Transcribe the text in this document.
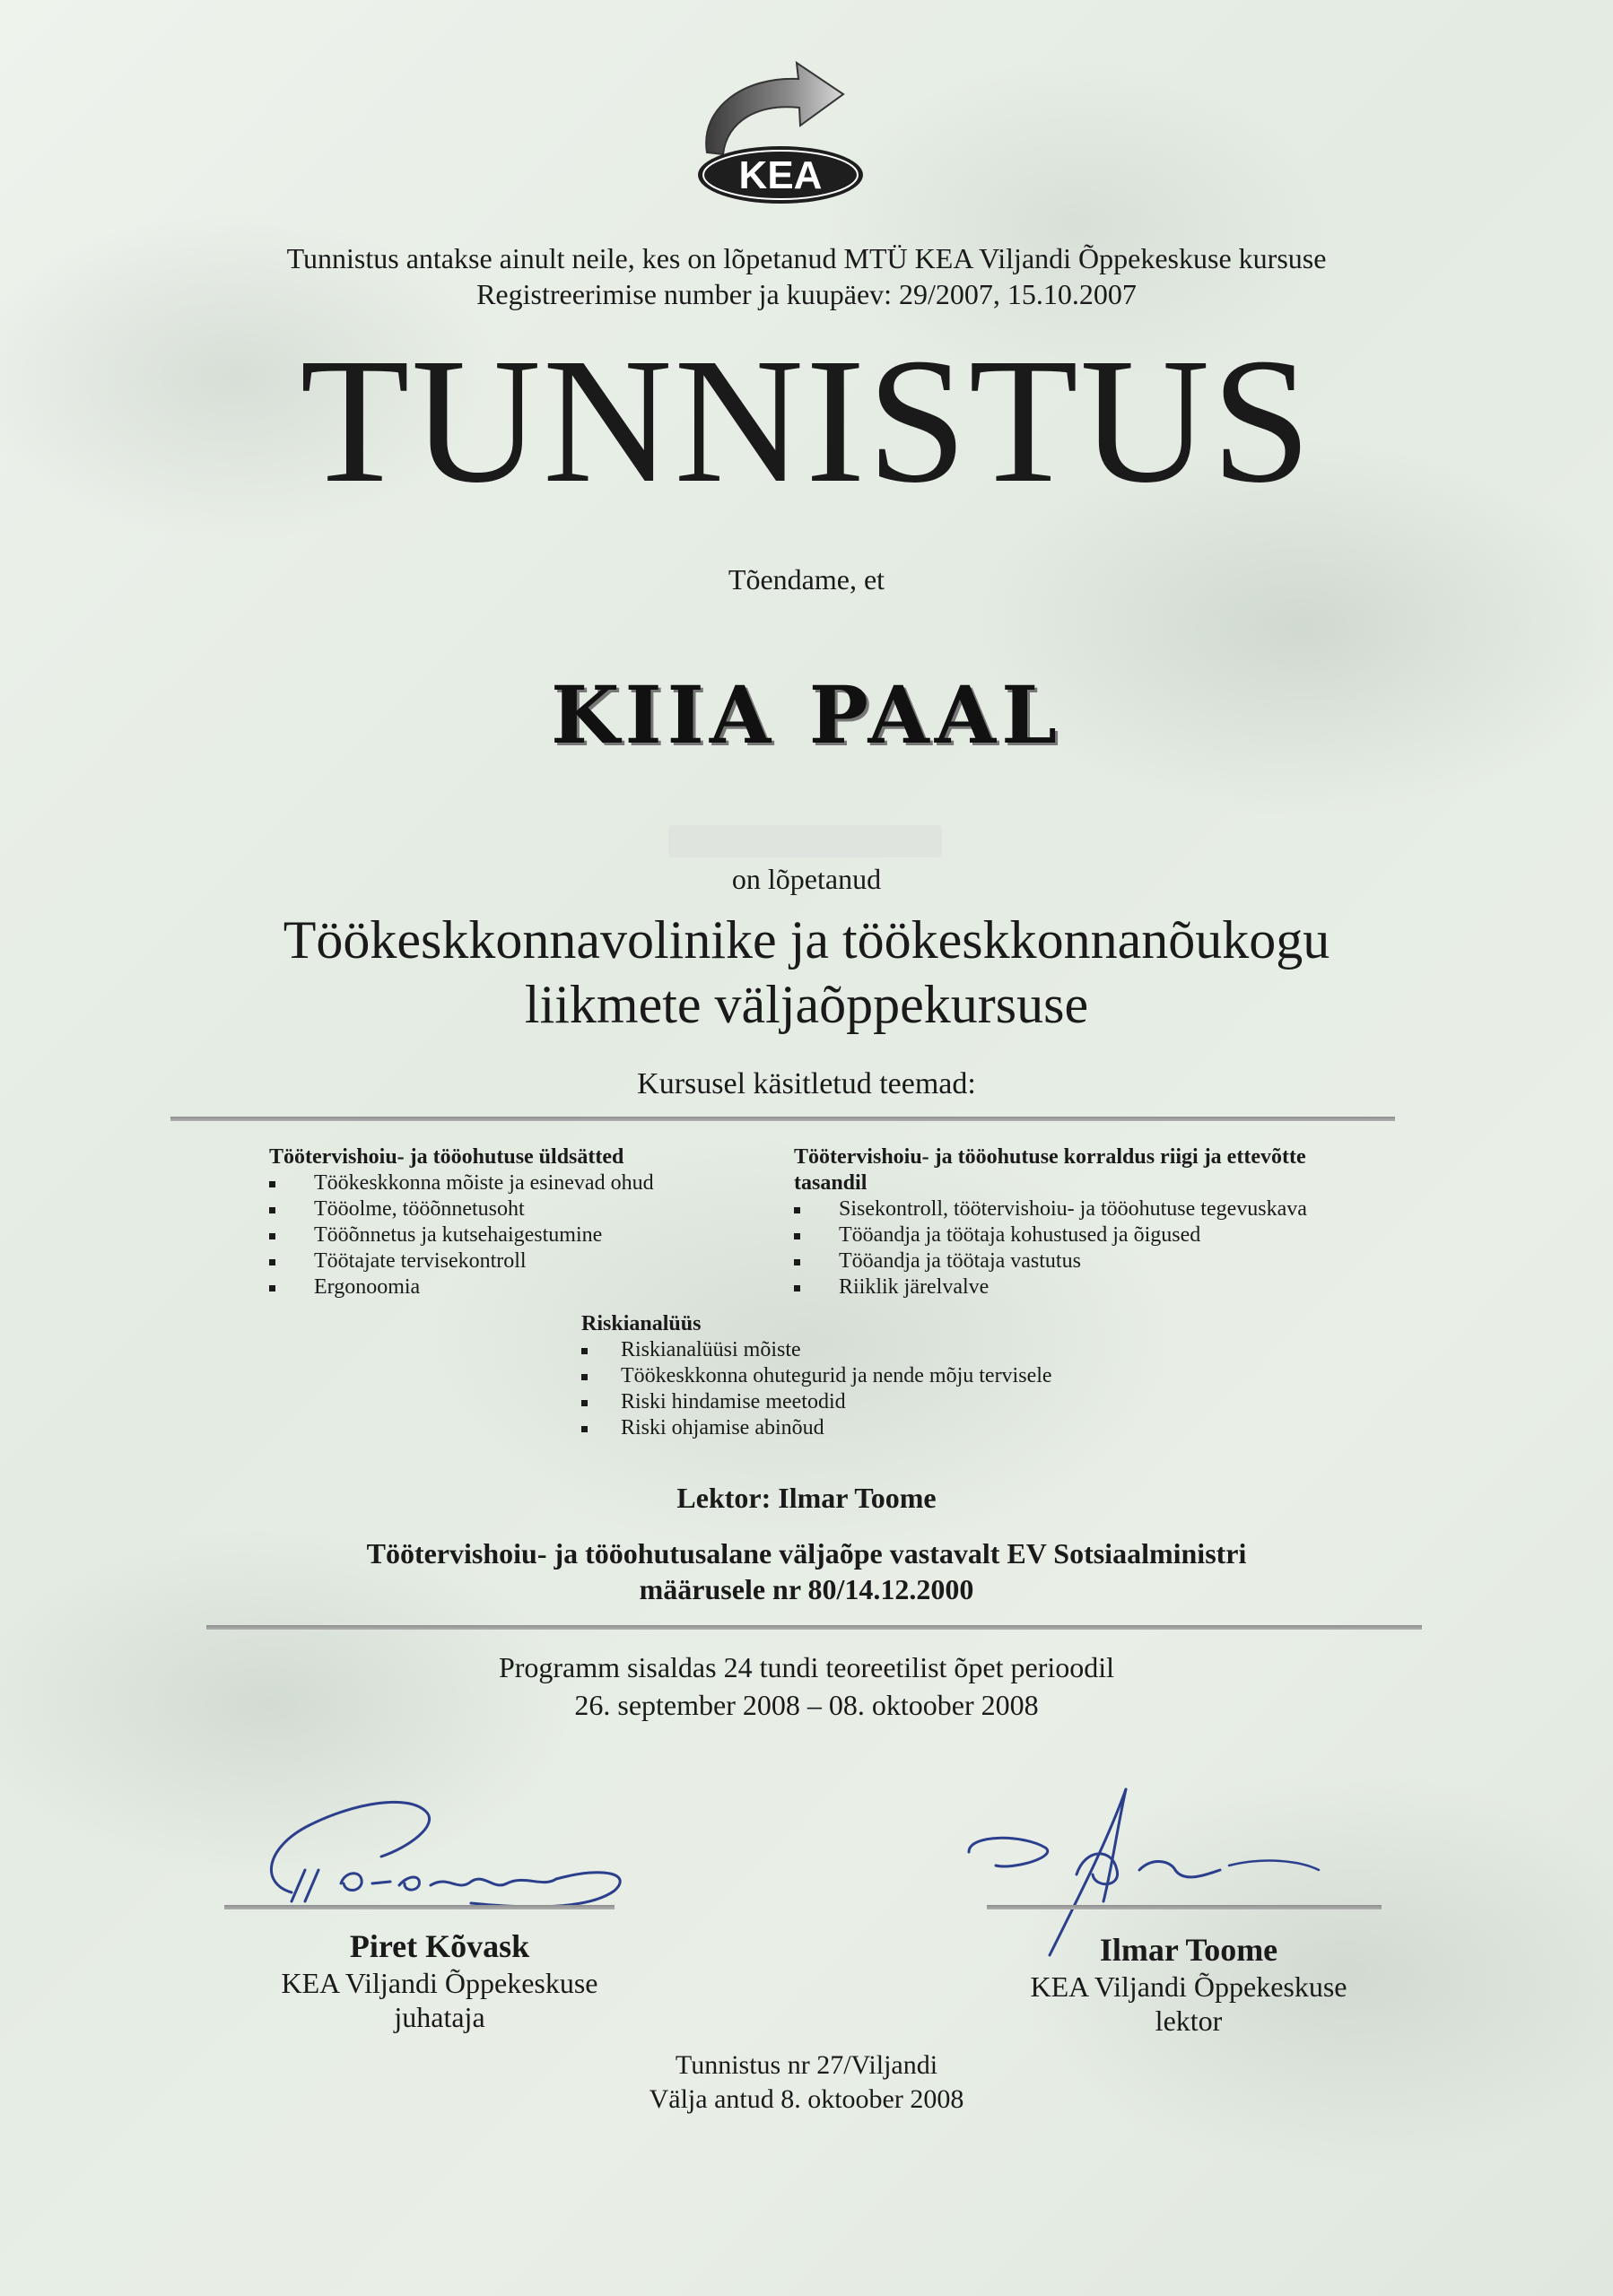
KEA
Tunnistus antakse ainult neile, kes on lõpetanud MTÜ KEA Viljandi Õppekeskuse kursuse
Registreerimise number ja kuupäev: 29/2007, 15.10.2007
TUNNISTUS
Tõendame, et
KIIA PAAL
on lõpetanud
Töökeskkonnavolinike ja töökeskkonnanõukogu
liikmete väljaõppekursuse
Kursusel käsitletud teemad:
Töötervishoiu- ja tööohutuse üldsätted
Töökeskkonna mõiste ja esinevad ohud
Tööolme, tööõnnetusoht
Tööõnnetus ja kutsehaigestumine
Töötajate tervisekontroll
Ergonoomia
Töötervishoiu- ja tööohutuse korraldus riigi ja ettevõtte
tasandil
Sisekontroll, töötervishoiu- ja tööohutuse tegevuskava
Tööandja ja töötaja kohustused ja õigused
Tööandja ja töötaja vastutus
Riiklik järelvalve
Riskianalüüs
Riskianalüüsi mõiste
Töökeskkonna ohutegurid ja nende mõju tervisele
Riski hindamise meetodid
Riski ohjamise abinõud
Lektor: Ilmar Toome
Töötervishoiu- ja tööohutusalane väljaõpe vastavalt EV Sotsiaalministri
määrusele nr 80/14.12.2000
Programm sisaldas 24 tundi teoreetilist õpet perioodil
26. september 2008 – 08. oktoober 2008
Piret Kõvask
KEA Viljandi Õppekeskuse
juhataja
Ilmar Toome
KEA Viljandi Õppekeskuse
lektor
Tunnistus nr 27/Viljandi
Välja antud 8. oktoober 2008
